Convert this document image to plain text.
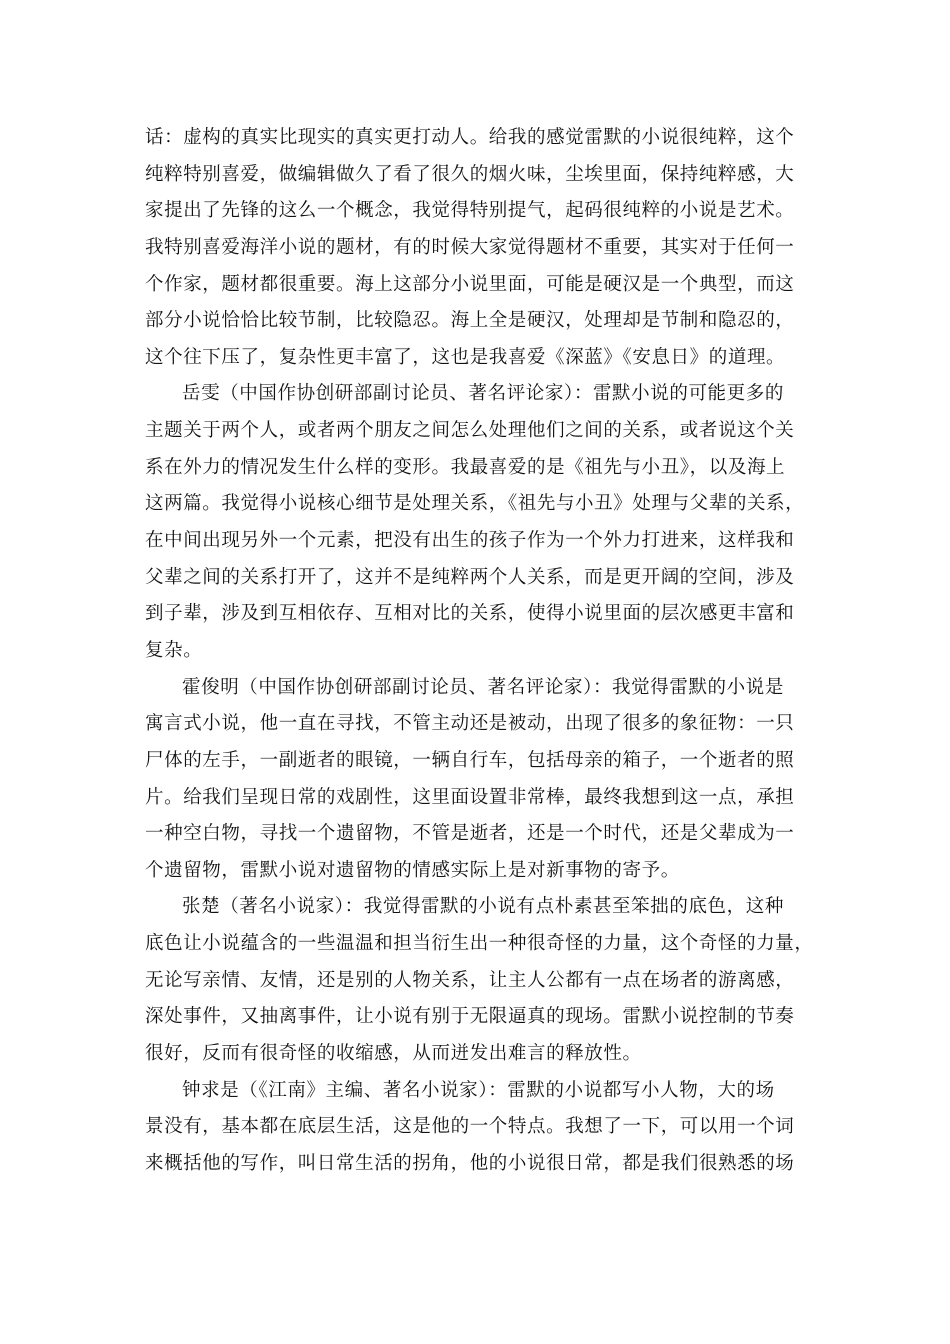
话：虚构的真实比现实的真实更打动人。给我的感觉雷默的小说很纯粹，这个
纯粹特别喜爱，做编辑做久了看了很久的烟火味，尘埃里面，保持纯粹感，大
家提出了先锋的这么一个概念，我觉得特别提气，起码很纯粹的小说是艺术。
我特别喜爱海洋小说的题材，有的时候大家觉得题材不重要，其实对于任何一
个作家，题材都很重要。海上这部分小说里面，可能是硬汉是一个典型，而这
部分小说恰恰比较节制，比较隐忍。海上全是硬汉，处理却是节制和隐忍的，
这个往下压了，复杂性更丰富了，这也是我喜爱《深蓝》《安息日》的道理。
岳雯（中国作协创研部副讨论员、著名评论家）：雷默小说的可能更多的
主题关于两个人，或者两个朋友之间怎么处理他们之间的关系，或者说这个关
系在外力的情况发生什么样的变形。我最喜爱的是《祖先与小丑》，以及海上
这两篇。我觉得小说核心细节是处理关系，《祖先与小丑》处理与父辈的关系，
在中间出现另外一个元素，把没有出生的孩子作为一个外力打进来，这样我和
父辈之间的关系打开了，这并不是纯粹两个人关系，而是更开阔的空间，涉及
到子辈，涉及到互相依存、互相对比的关系，使得小说里面的层次感更丰富和
复杂。
霍俊明（中国作协创研部副讨论员、著名评论家）：我觉得雷默的小说是
寓言式小说，他一直在寻找，不管主动还是被动，出现了很多的象征物：一只
尸体的左手，一副逝者的眼镜，一辆自行车，包括母亲的箱子，一个逝者的照
片。给我们呈现日常的戏剧性，这里面设置非常棒，最终我想到这一点，承担
一种空白物，寻找一个遗留物，不管是逝者，还是一个时代，还是父辈成为一
个遗留物，雷默小说对遗留物的情感实际上是对新事物的寄予。
张楚（著名小说家）：我觉得雷默的小说有点朴素甚至笨拙的底色，这种
底色让小说蕴含的一些温温和担当衍生出一种很奇怪的力量，这个奇怪的力量，
无论写亲情、友情，还是别的人物关系，让主人公都有一点在场者的游离感，
深处事件，又抽离事件，让小说有别于无限逼真的现场。雷默小说控制的节奏
很好，反而有很奇怪的收缩感，从而迸发出难言的释放性。
钟求是（《江南》主编、著名小说家）：雷默的小说都写小人物，大的场
景没有，基本都在底层生活，这是他的一个特点。我想了一下，可以用一个词
来概括他的写作，叫日常生活的拐角，他的小说很日常，都是我们很熟悉的场
